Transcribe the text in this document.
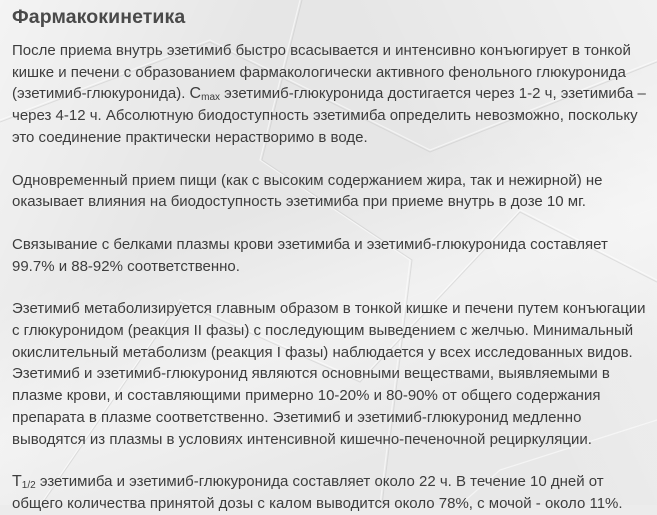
Фармакокинетика

После приема внутрь эзетимиб быстро всасывается и интенсивно конъюгирует в тонкой кишке и печени с образованием фармакологически активного фенольного глюкуронида (эзетимиб-глюкуронида). $C_{max}$ эзетимиб-глюкуронида достигается через 1-2 ч, эзетимиба – через 4-12 ч. Абсолютную биодоступность эзетимиба определить невозможно, поскольку это соединение практически нерастворимо в воде.

Одновременный прием пищи (как с высоким содержанием жира, так и нежирной) не оказывает влияния на биодоступность эзетимиба при приеме внутрь в дозе 10 мг.

Связывание с белками плазмы крови эзетимиба и эзетимиб-глюкуронида составляет 99.7% и 88-92% соответственно.

Эзетимиб метаболизируется главным образом в тонкой кишке и печени путем конъюгации с глюкуронидом (реакция II фазы) с последующим выведением с желчью. Минимальный окислительный метаболизм (реакция I фазы) наблюдается у всех исследованных видов. Эзетимиб и эзетимиб-глюкуронид являются основными веществами, выявляемыми в плазме крови, и составляющими примерно 10-20% и 80-90% от общего содержания препарата в плазме соответственно. Эзетимиб и эзетимиб-глюкуронид медленно выводятся из плазмы в условиях интенсивной кишечно-печеночной рециркуляции.

$T_{1/2}$ эзетимиба и эзетимиб-глюкуронида составляет около 22 ч. В течение 10 дней от общего количества принятой дозы с калом выводится около 78%, с мочой - около 11%.
